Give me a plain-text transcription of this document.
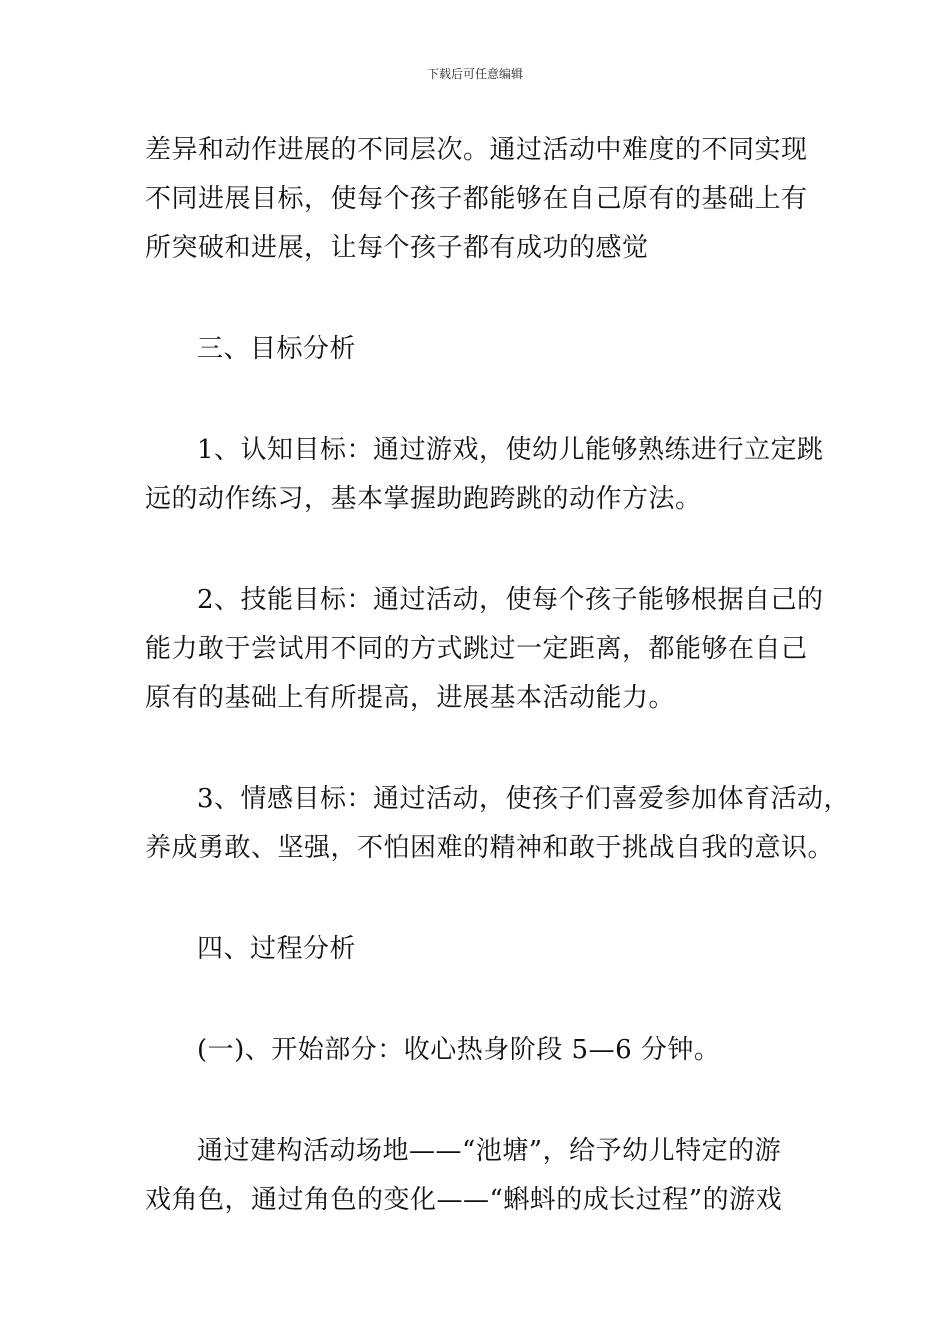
下载后可任意编辑

差异和动作进展的不同层次。通过活动中难度的不同实现

不同进展目标，使每个孩子都能够在自己原有的基础上有

所突破和进展，让每个孩子都有成功的感觉

三、目标分析

1、认知目标：通过游戏，使幼儿能够熟练进行立定跳

远的动作练习，基本掌握助跑跨跳的动作方法。

2、技能目标：通过活动，使每个孩子能够根据自己的

能力敢于尝试用不同的方式跳过一定距离，都能够在自己

原有的基础上有所提高，进展基本活动能力。

3、情感目标：通过活动，使孩子们喜爱参加体育活动，

养成勇敢、坚强，不怕困难的精神和敢于挑战自我的意识。

四、过程分析

(一)、开始部分：收心热身阶段 5—6 分钟。

通过建构活动场地——“池塘”，给予幼儿特定的游

戏角色，通过角色的变化——“蝌蚪的成长过程”的游戏
